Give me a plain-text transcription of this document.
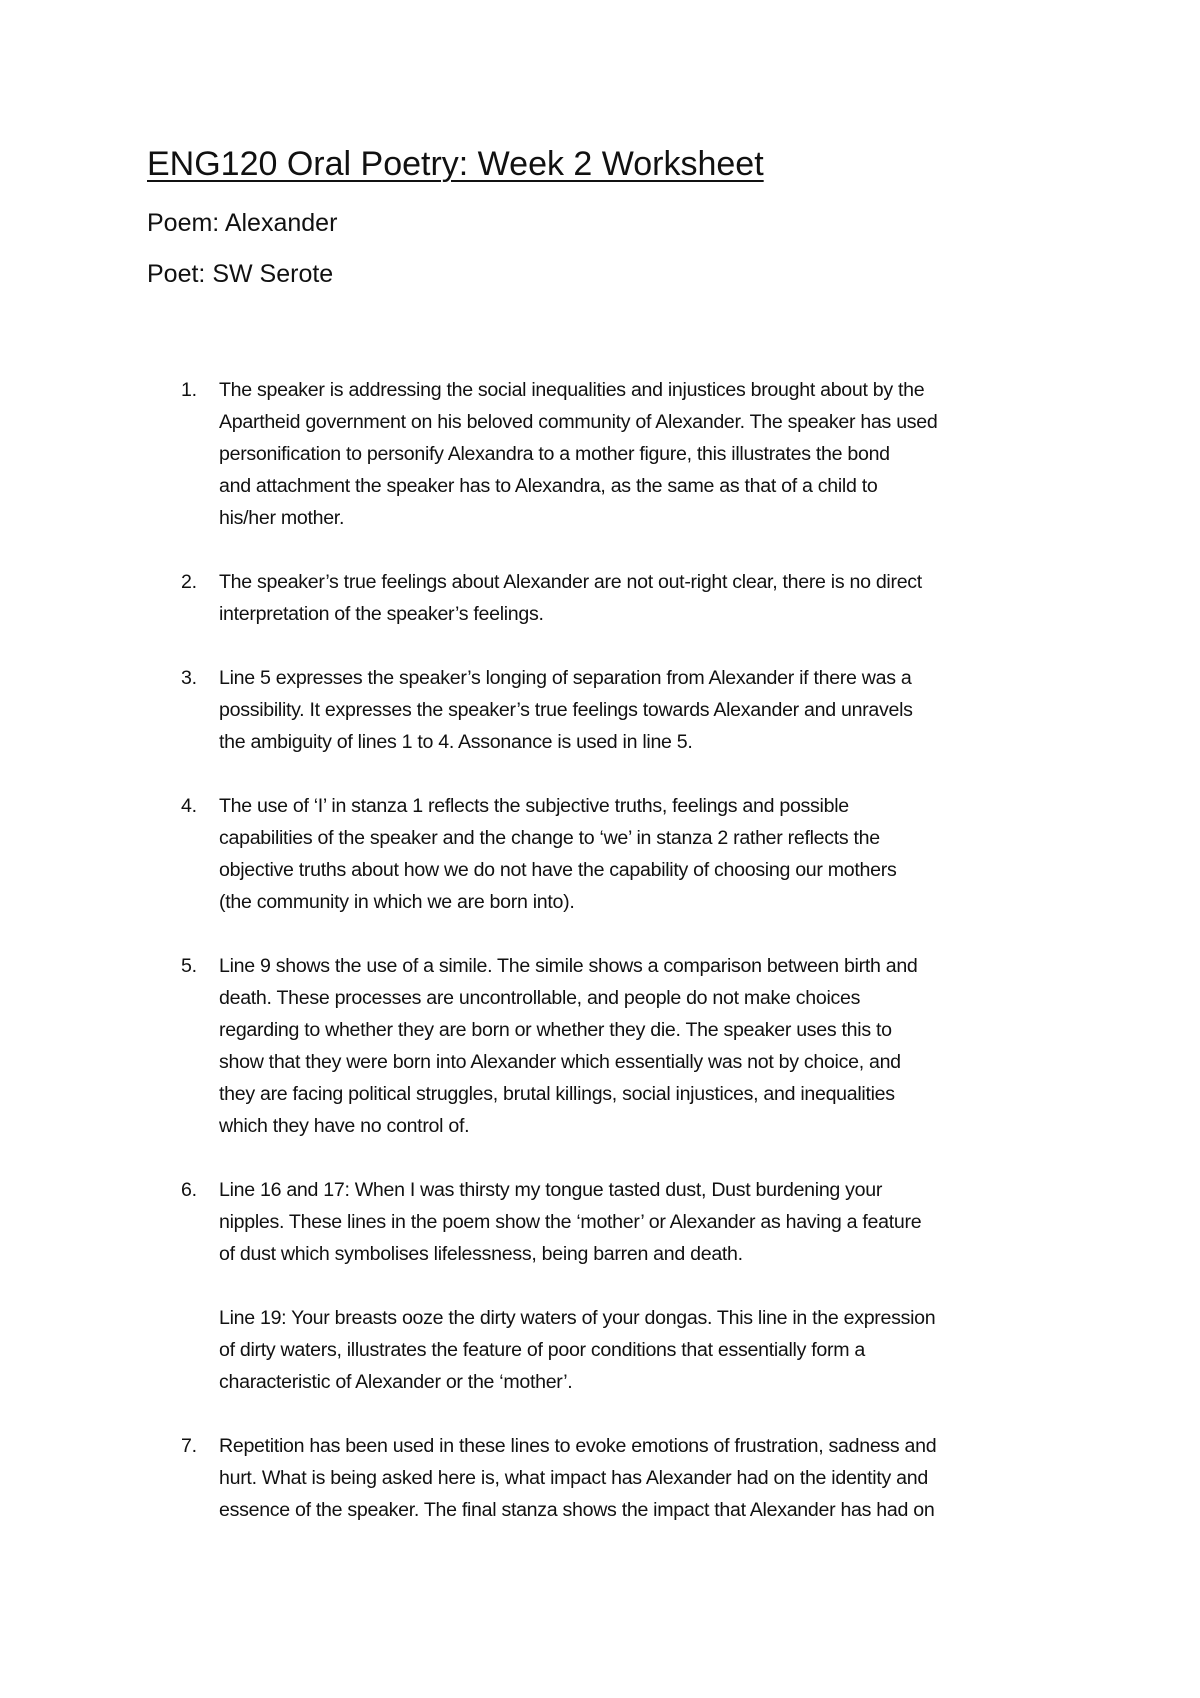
ENG120 Oral Poetry: Week 2 Worksheet

Poem: Alexander

Poet: SW Serote

1.	The speaker is addressing the social inequalities and injustices brought about by the
Apartheid government on his beloved community of Alexander. The speaker has used
personification to personify Alexandra to a mother figure, this illustrates the bond
and attachment the speaker has to Alexandra, as the same as that of a child to
his/her mother.
2.	The speaker’s true feelings about Alexander are not out-right clear, there is no direct
interpretation of the speaker’s feelings.
3.	Line 5 expresses the speaker’s longing of separation from Alexander if there was a
possibility. It expresses the speaker’s true feelings towards Alexander and unravels
the ambiguity of lines 1 to 4. Assonance is used in line 5.
4.	The use of ‘I’ in stanza 1 reflects the subjective truths, feelings and possible
capabilities of the speaker and the change to ‘we’ in stanza 2 rather reflects the
objective truths about how we do not have the capability of choosing our mothers
(the community in which we are born into).
5.	Line 9 shows the use of a simile. The simile shows a comparison between birth and
death. These processes are uncontrollable, and people do not make choices
regarding to whether they are born or whether they die. The speaker uses this to
show that they were born into Alexander which essentially was not by choice, and
they are facing political struggles, brutal killings, social injustices, and inequalities
which they have no control of.
6.	Line 16 and 17: When I was thirsty my tongue tasted dust, Dust burdening your
nipples. These lines in the poem show the ‘mother’ or Alexander as having a feature
of dust which symbolises lifelessness, being barren and death.
Line 19: Your breasts ooze the dirty waters of your dongas. This line in the expression
of dirty waters, illustrates the feature of poor conditions that essentially form a
characteristic of Alexander or the ‘mother’.
7.	Repetition has been used in these lines to evoke emotions of frustration, sadness and
hurt. What is being asked here is, what impact has Alexander had on the identity and
essence of the speaker. The final stanza shows the impact that Alexander has had on
